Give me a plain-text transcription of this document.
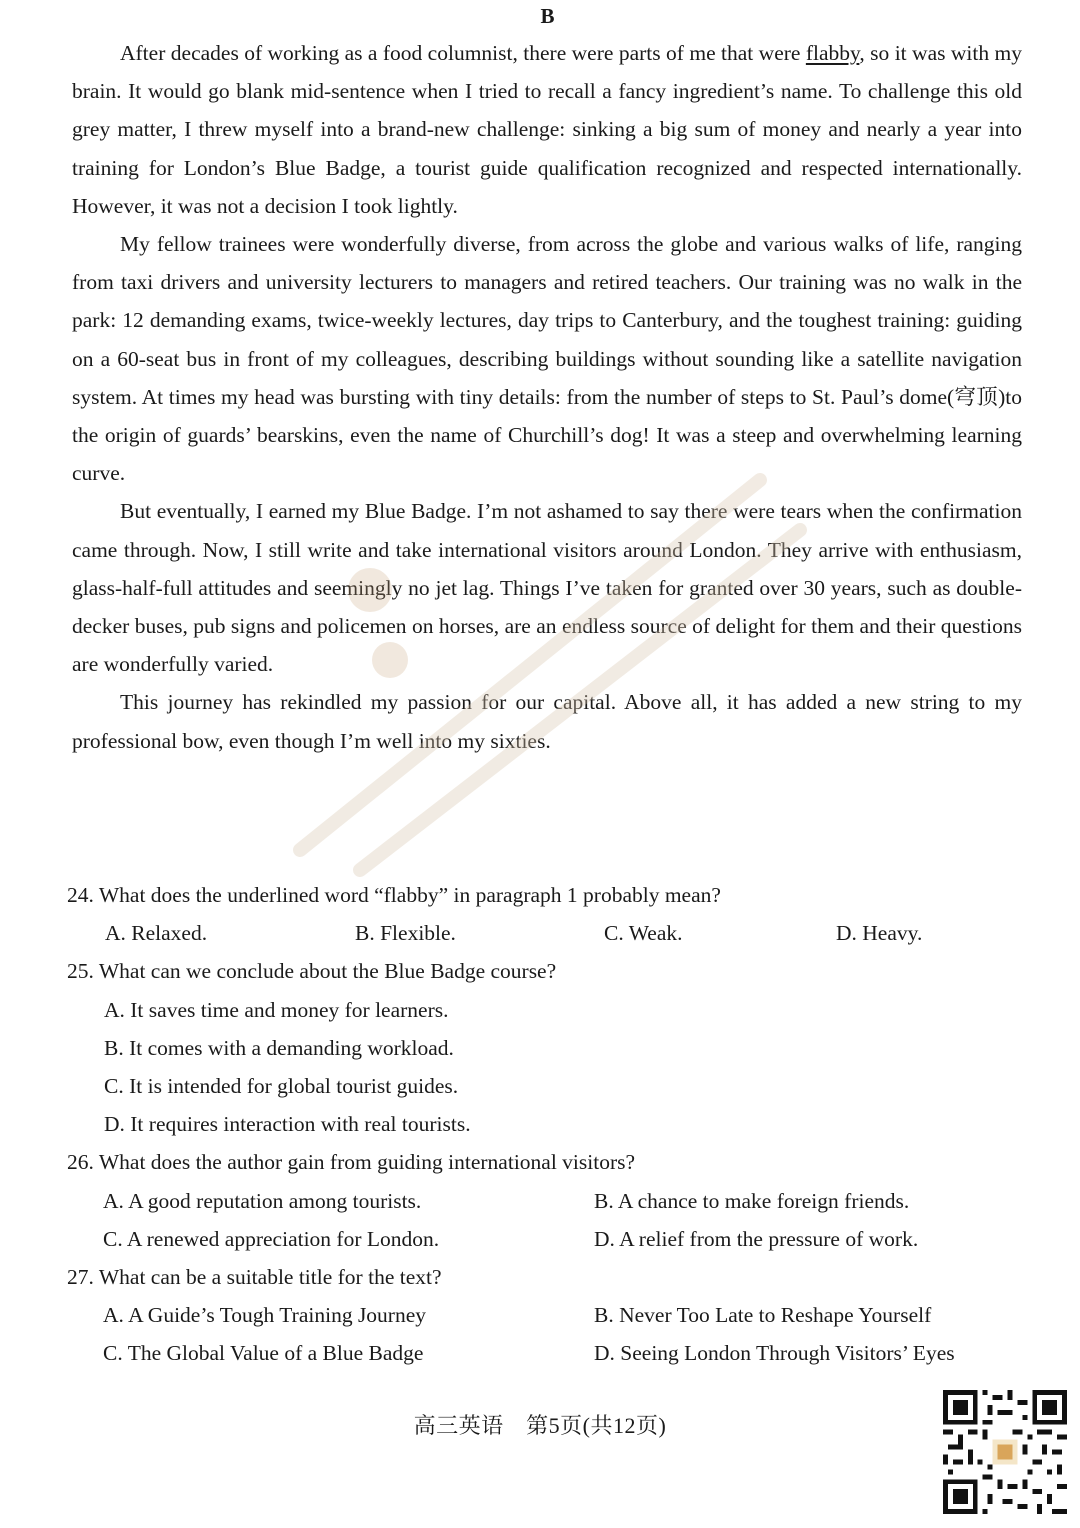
B

After decades of working as a food columnist, there were parts of me that were flabby, so it was with my brain. It would go blank mid-sentence when I tried to recall a fancy ingredient’s name. To challenge this old grey matter, I threw myself into a brand-new challenge: sinking a big sum of money and nearly a year into training for London’s Blue Badge, a tourist guide qualification recognized and respected internationally. However, it was not a decision I took lightly.

My fellow trainees were wonderfully diverse, from across the globe and various walks of life, ranging from taxi drivers and university lecturers to managers and retired teachers. Our training was no walk in the park: 12 demanding exams, twice-weekly lectures, day trips to Canterbury, and the toughest training: guiding on a 60-seat bus in front of my colleagues, describing buildings without sounding like a satellite navigation system. At times my head was bursting with tiny details: from the number of steps to St. Paul’s dome(穹顶)to the origin of guards’ bearskins, even the name of Churchill’s dog! It was a steep and overwhelming learning curve.

But eventually, I earned my Blue Badge. I’m not ashamed to say there were tears when the confirmation came through. Now, I still write and take international visitors around London. They arrive with enthusiasm, glass-half-full attitudes and seemingly no jet lag. Things I’ve taken for granted over 30 years, such as double-decker buses, pub signs and policemen on horses, are an endless source of delight for them and their questions are wonderfully varied.

This journey has rekindled my passion for our capital. Above all, it has added a new string to my professional bow, even though I’m well into my sixties.

24. What does the underlined word “flabby” in paragraph 1 probably mean?
A. Relaxed.	B. Flexible.	C. Weak.	D. Heavy.
25. What can we conclude about the Blue Badge course?
A. It saves time and money for learners.
B. It comes with a demanding workload.
C. It is intended for global tourist guides.
D. It requires interaction with real tourists.
26. What does the author gain from guiding international visitors?
A. A good reputation among tourists.	B. A chance to make foreign friends.
C. A renewed appreciation for London.	D. A relief from the pressure of work.
27. What can be a suitable title for the text?
A. A Guide’s Tough Training Journey	B. Never Too Late to Reshape Yourself
C. The Global Value of a Blue Badge	D. Seeing London Through Visitors’ Eyes
高三英语　第5页(共12页)
